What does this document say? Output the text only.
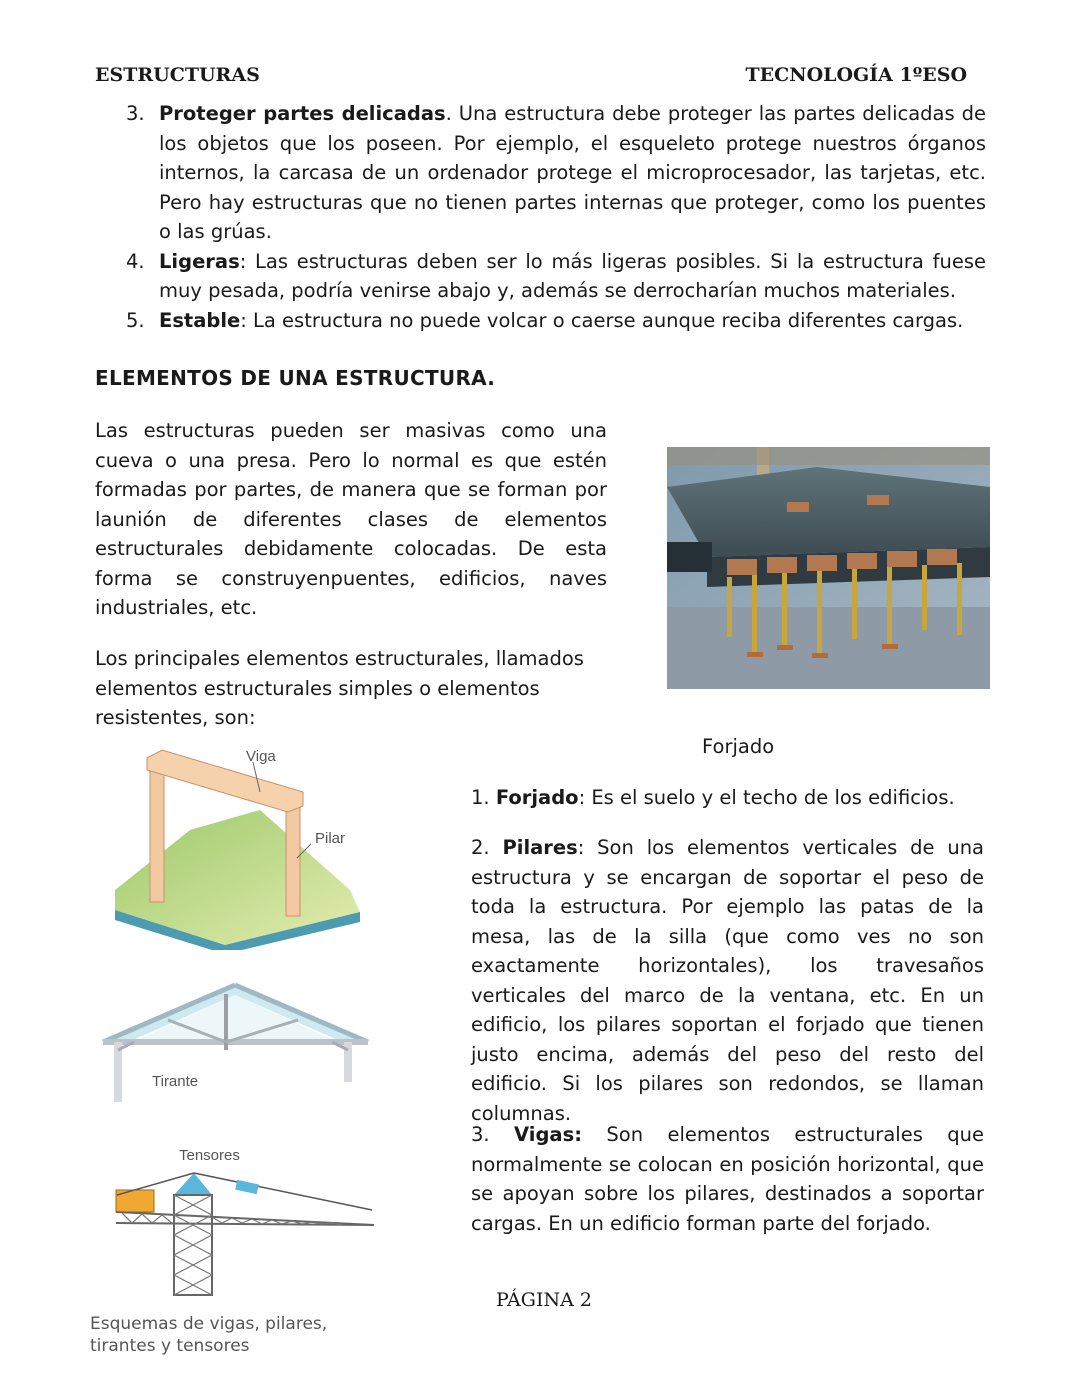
ESTRUCTURAS	TECNOLOGÍA 1ºESO
3. Proteger partes delicadas. Una estructura debe proteger las partes delicadas de los objetos que los poseen. Por ejemplo, el esqueleto protege nuestros órganos internos, la carcasa de un ordenador protege el microprocesador, las tarjetas, etc. Pero hay estructuras que no tienen partes internas que proteger, como los puentes o las grúas.
4. Ligeras: Las estructuras deben ser lo más ligeras posibles. Si la estructura fuese muy pesada, podría venirse abajo y, además se derrocharían muchos materiales.
5. Estable: La estructura no puede volcar o caerse aunque reciba diferentes cargas.
ELEMENTOS DE UNA ESTRUCTURA.
Las estructuras pueden ser masivas como una cueva o una presa. Pero lo normal es que estén formadas por partes, de manera que se forman por launión de diferentes clases de elementos estructurales debidamente colocadas. De esta forma se construyenpuentes, edificios, naves industriales, etc.
Los principales elementos estructurales, llamados elementos estructurales simples o elementos resistentes, son:
Forjado
1. Forjado: Es el suelo y el techo de los edificios.
2. Pilares: Son los elementos verticales de una estructura y se encargan de soportar el peso de toda la estructura. Por ejemplo las patas de la mesa, las de la silla (que como ves no son exactamente horizontales), los travesaños verticales del marco de la ventana, etc. En un edificio, los pilares soportan el forjado que tienen justo encima, además del peso del resto del edificio. Si los pilares son redondos, se llaman columnas.
3. Vigas: Son elementos estructurales que normalmente se colocan en posición horizontal, que se apoyan sobre los pilares, destinados a soportar cargas. En un edificio forman parte del forjado.
Viga
Pilar
Tirante
Tensores
Esquemas de vigas, pilares, tirantes y tensores
PÁGINA 2
